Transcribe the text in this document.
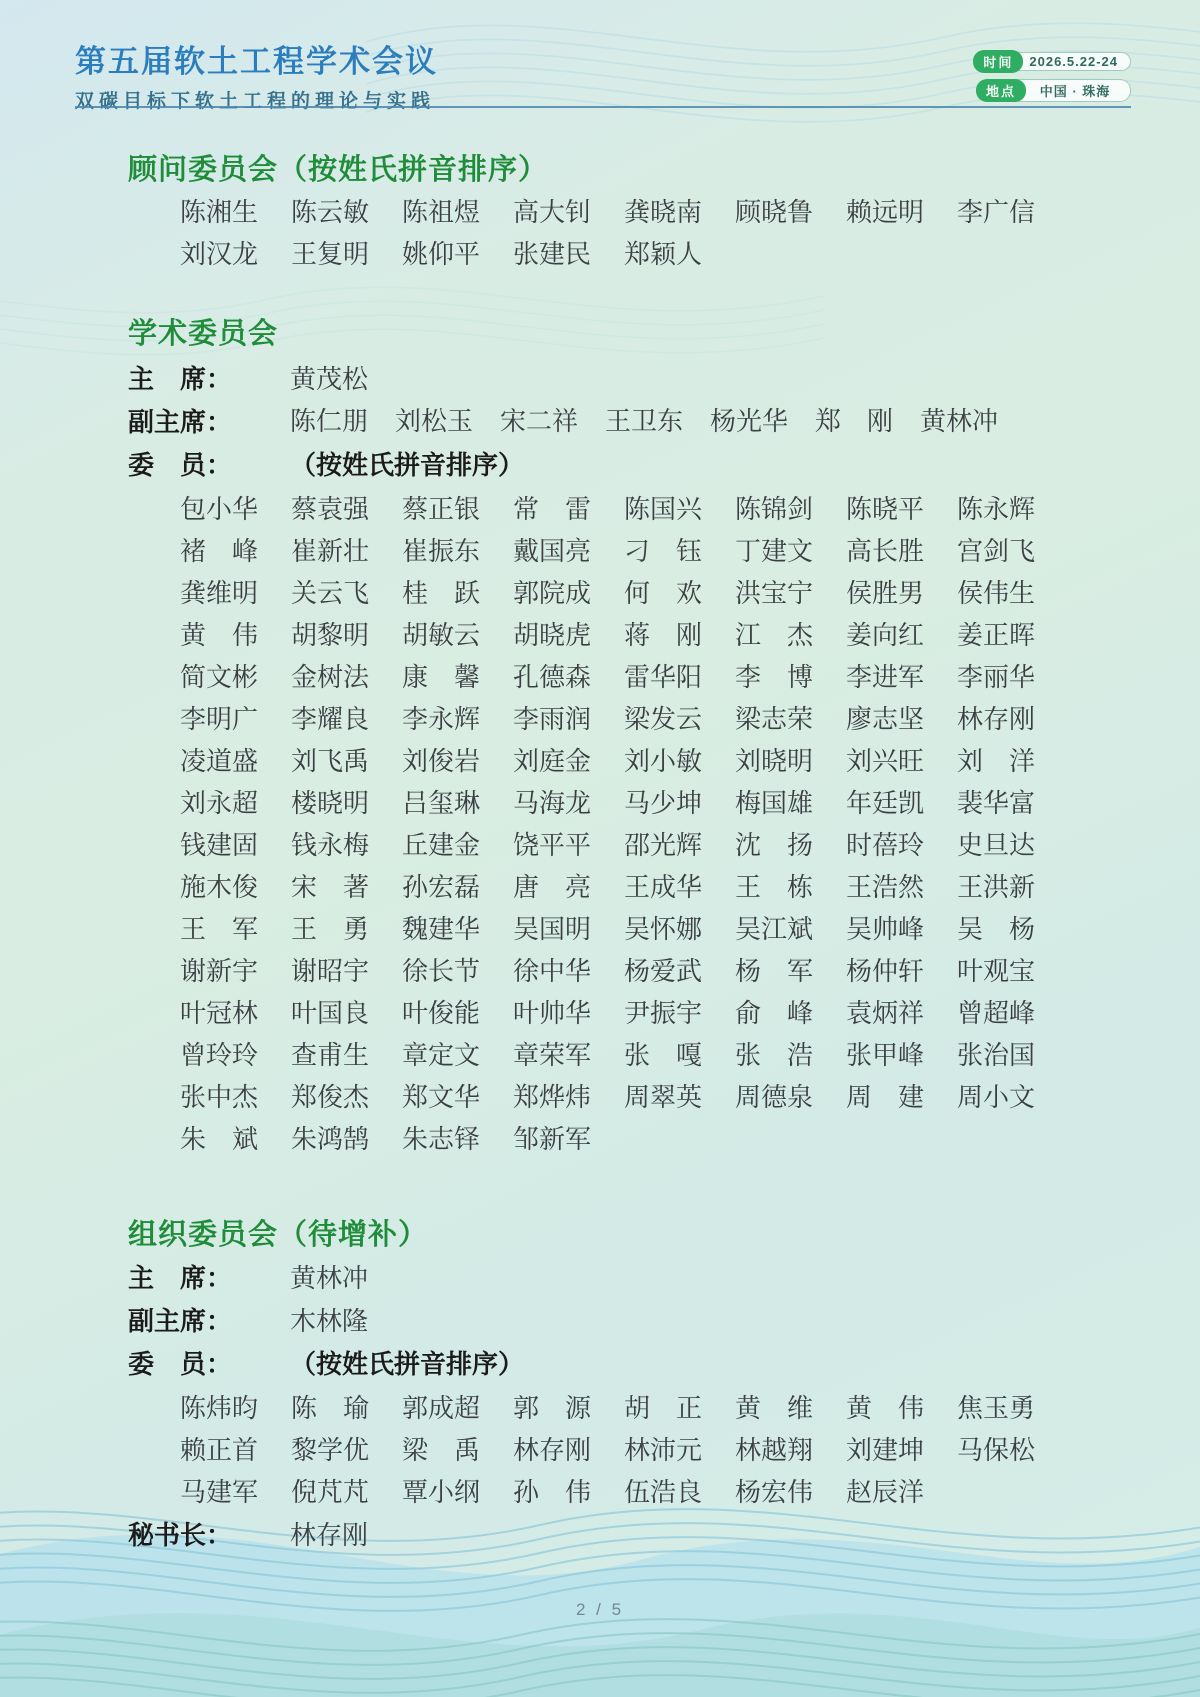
第五届软土工程学术会议
双碳目标下软土工程的理论与实践
时间	2026.5.22-24
地点	中国 · 珠海
顾问委员会（按姓氏拼音排序）
陈湘生	陈云敏	陈祖煜	高大钊	龚晓南	顾晓鲁	赖远明	李广信
刘汉龙	王复明	姚仰平	张建民	郑颖人
学术委员会
主　席：	黄茂松
副主席：	陈仁朋	刘松玉	宋二祥	王卫东	杨光华	郑　刚	黄林冲
委　员：	（按姓氏拼音排序）
包小华	蔡袁强	蔡正银	常　雷	陈国兴	陈锦剑	陈晓平	陈永辉
褚　峰	崔新壮	崔振东	戴国亮	刁　钰	丁建文	高长胜	宫剑飞
龚维明	关云飞	桂　跃	郭院成	何　欢	洪宝宁	侯胜男	侯伟生
黄　伟	胡黎明	胡敏云	胡晓虎	蒋　刚	江　杰	姜向红	姜正晖
简文彬	金树法	康　馨	孔德森	雷华阳	李　博	李进军	李丽华
李明广	李耀良	李永辉	李雨润	梁发云	梁志荣	廖志坚	林存刚
凌道盛	刘飞禹	刘俊岩	刘庭金	刘小敏	刘晓明	刘兴旺	刘　洋
刘永超	楼晓明	吕玺琳	马海龙	马少坤	梅国雄	年廷凯	裴华富
钱建固	钱永梅	丘建金	饶平平	邵光辉	沈　扬	时蓓玲	史旦达
施木俊	宋　著	孙宏磊	唐　亮	王成华	王　栋	王浩然	王洪新
王　军	王　勇	魏建华	吴国明	吴怀娜	吴江斌	吴帅峰	吴　杨
谢新宇	谢昭宇	徐长节	徐中华	杨爱武	杨　军	杨仲轩	叶观宝
叶冠林	叶国良	叶俊能	叶帅华	尹振宇	俞　峰	袁炳祥	曾超峰
曾玲玲	查甫生	章定文	章荣军	张　嘎	张　浩	张甲峰	张治国
张中杰	郑俊杰	郑文华	郑烨炜	周翠英	周德泉	周　建	周小文
朱　斌	朱鸿鹄	朱志铎	邹新军
组织委员会（待增补）
主　席：	黄林冲
副主席：	木林隆
委　员：	（按姓氏拼音排序）
陈炜昀	陈　瑜	郭成超	郭　源	胡　正	黄　维	黄　伟	焦玉勇
赖正首	黎学优	梁　禹	林存刚	林沛元	林越翔	刘建坤	马保松
马建军	倪芃芃	覃小纲	孙　伟	伍浩良	杨宏伟	赵辰洋
秘书长：	林存刚
2 / 5
